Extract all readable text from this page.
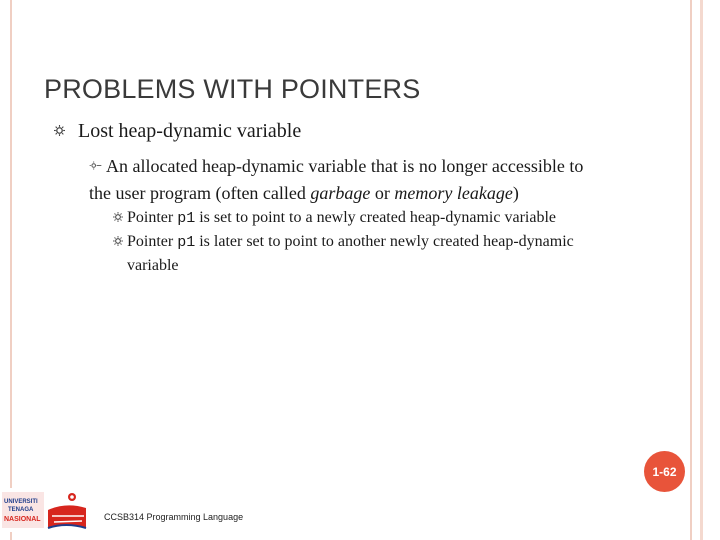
PROBLEMS WITH POINTERS
Lost heap-dynamic variable
An allocated heap-dynamic variable that is no longer accessible to
the user program (often called garbage or memory leakage)
Pointer p1 is set to point to a newly created heap-dynamic variable
Pointer p1 is later set to point to another newly created heap-dynamic
variable
1-62
UNIVERSITI
TENAGA
NASIONAL	CCSB314 Programming Language
